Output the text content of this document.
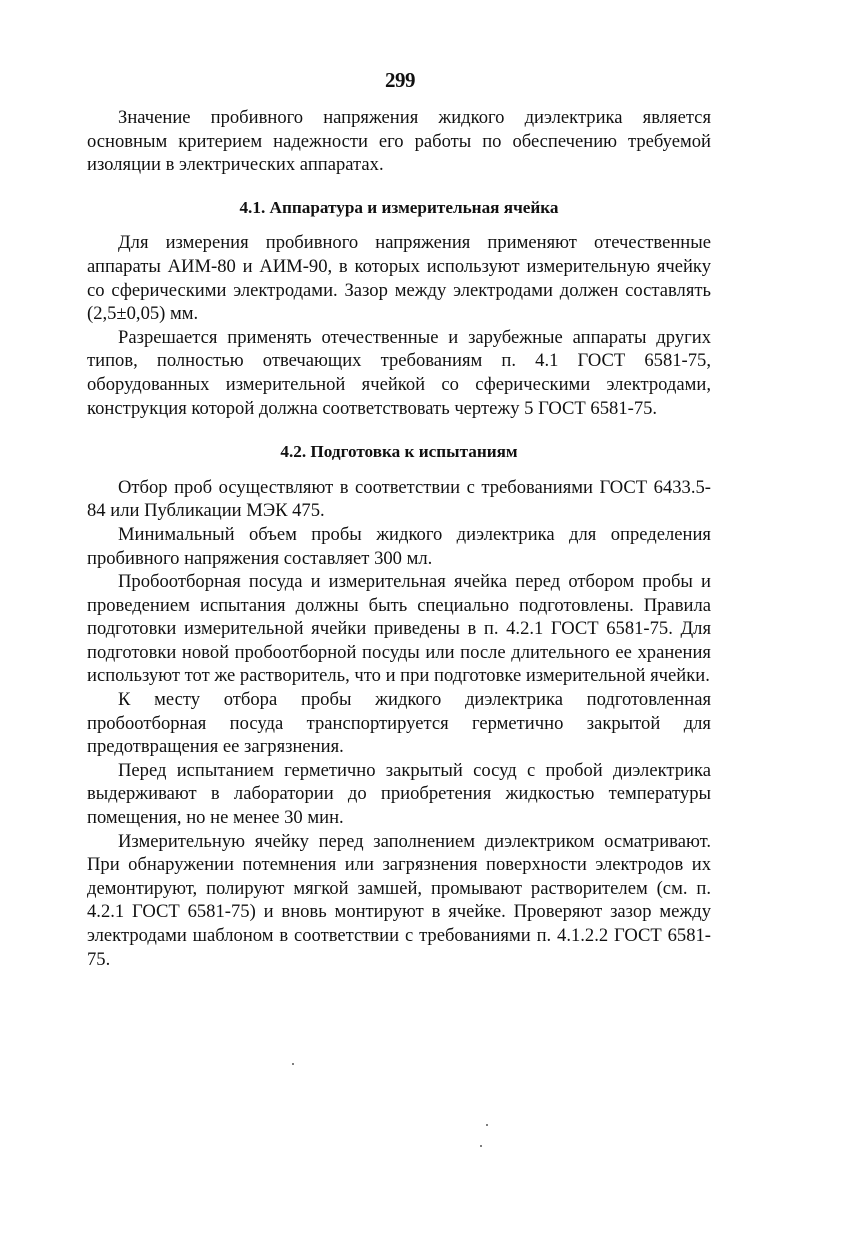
299

Значение пробивного напряжения жидкого диэлектрика является основным критерием надежности его работы по обеспечению требуемой изоляции в электрических аппаратах.

4.1. Аппаратура и измерительная ячейка

Для измерения пробивного напряжения применяют отечественные аппараты АИМ-80 и АИМ-90, в которых используют измерительную ячейку со сферическими электродами. Зазор между электродами должен составлять (2,5±0,05) мм.

Разрешается применять отечественные и зарубежные аппараты других типов, полностью отвечающих требованиям п. 4.1 ГОСТ 6581-75, оборудованных измерительной ячейкой со сферическими электродами, конструкция которой должна соответствовать чертежу 5 ГОСТ 6581-75.

4.2. Подготовка к испытаниям

Отбор проб осуществляют в соответствии с требованиями ГОСТ 6433.5-84 или Публикации МЭК 475.

Минимальный объем пробы жидкого диэлектрика для определения пробивного напряжения составляет 300 мл.

Пробоотборная посуда и измерительная ячейка перед отбором пробы и проведением испытания должны быть специально подготовлены. Правила подготовки измерительной ячейки приведены в п. 4.2.1 ГОСТ 6581-75. Для подготовки новой пробоотборной посуды или после длительного ее хранения используют тот же растворитель, что и при подготовке измерительной ячейки.

К месту отбора пробы жидкого диэлектрика подготовленная пробоотборная посуда транспортируется герметично закрытой для предотвращения ее загрязнения.

Перед испытанием герметично закрытый сосуд с пробой диэлектрика выдерживают в лаборатории до приобретения жидкостью температуры помещения, но не менее 30 мин.

Измерительную ячейку перед заполнением диэлектриком осматривают. При обнаружении потемнения или загрязнения поверхности электродов их демонтируют, полируют мягкой замшей, промывают растворителем (см. п. 4.2.1 ГОСТ 6581-75) и вновь монтируют в ячейке. Проверяют зазор между электродами шаблоном в соответствии с требованиями п. 4.1.2.2 ГОСТ 6581-75.
